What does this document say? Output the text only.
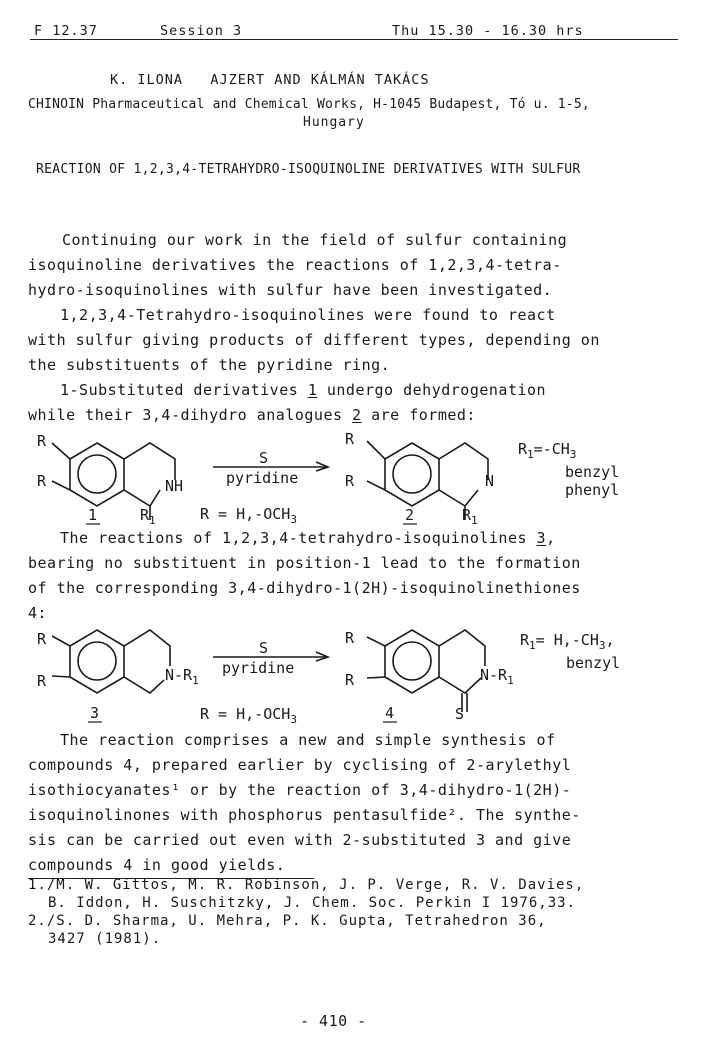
F 12.37	Session 3	Thu 15.30 - 16.30 hrs
K. ILONA   AJZERT AND KÁLMÁN TAKÁCS
CHINOIN Pharmaceutical and Chemical Works, H-1045 Budapest, Tó u. 1-5,
Hungary
REACTION OF 1,2,3,4-TETRAHYDRO-ISOQUINOLINE DERIVATIVES WITH SULFUR
Continuing our work in the field of sulfur containing
isoquinoline derivatives the reactions of 1,2,3,4-tetra-
hydro-isoquinolines with sulfur have been investigated.
1,2,3,4-Tetrahydro-isoquinolines were found to react
with sulfur giving products of different types, depending on
the substituents of the pyridine ring.
1-Substituted derivatives 1 undergo dehydrogenation
while their 3,4-dihydro analogues 2 are formed:
R
R	NH
S
pyridine
1	$R_1$	$R = H,-OCH_3$
R
R	N
2	$R_1$
$R_1=-CH_3$
benzyl
phenyl
The reactions of 1,2,3,4-tetrahydro-isoquinolines 3,
bearing no substituent in position-1 lead to the formation
of the corresponding 3,4-dihydro-1(2H)-isoquinolinethiones
4:
R
R	$N-R_1$
S
pyridine
3	$R = H,-OCH_3$
R
R	$N-R_1$
4	S
$R_1= H,-CH_3$,
benzyl
The reaction comprises a new and simple synthesis of
compounds 4, prepared earlier by cyclising of 2-arylethyl
isothiocyanates¹ or by the reaction of 3,4-dihydro-1(2H)-
isoquinolinones with phosphorus pentasulfide². The synthe-
sis can be carried out even with 2-substituted 3 and give
compounds 4 in good yields.
1./M. W. Gittos, M. R. Robinson, J. P. Verge, R. V. Davies,
B. Iddon, H. Suschitzky, J. Chem. Soc. Perkin I 1976,33.
2./S. D. Sharma, U. Mehra, P. K. Gupta, Tetrahedron 36,
3427 (1981).
- 410 -
